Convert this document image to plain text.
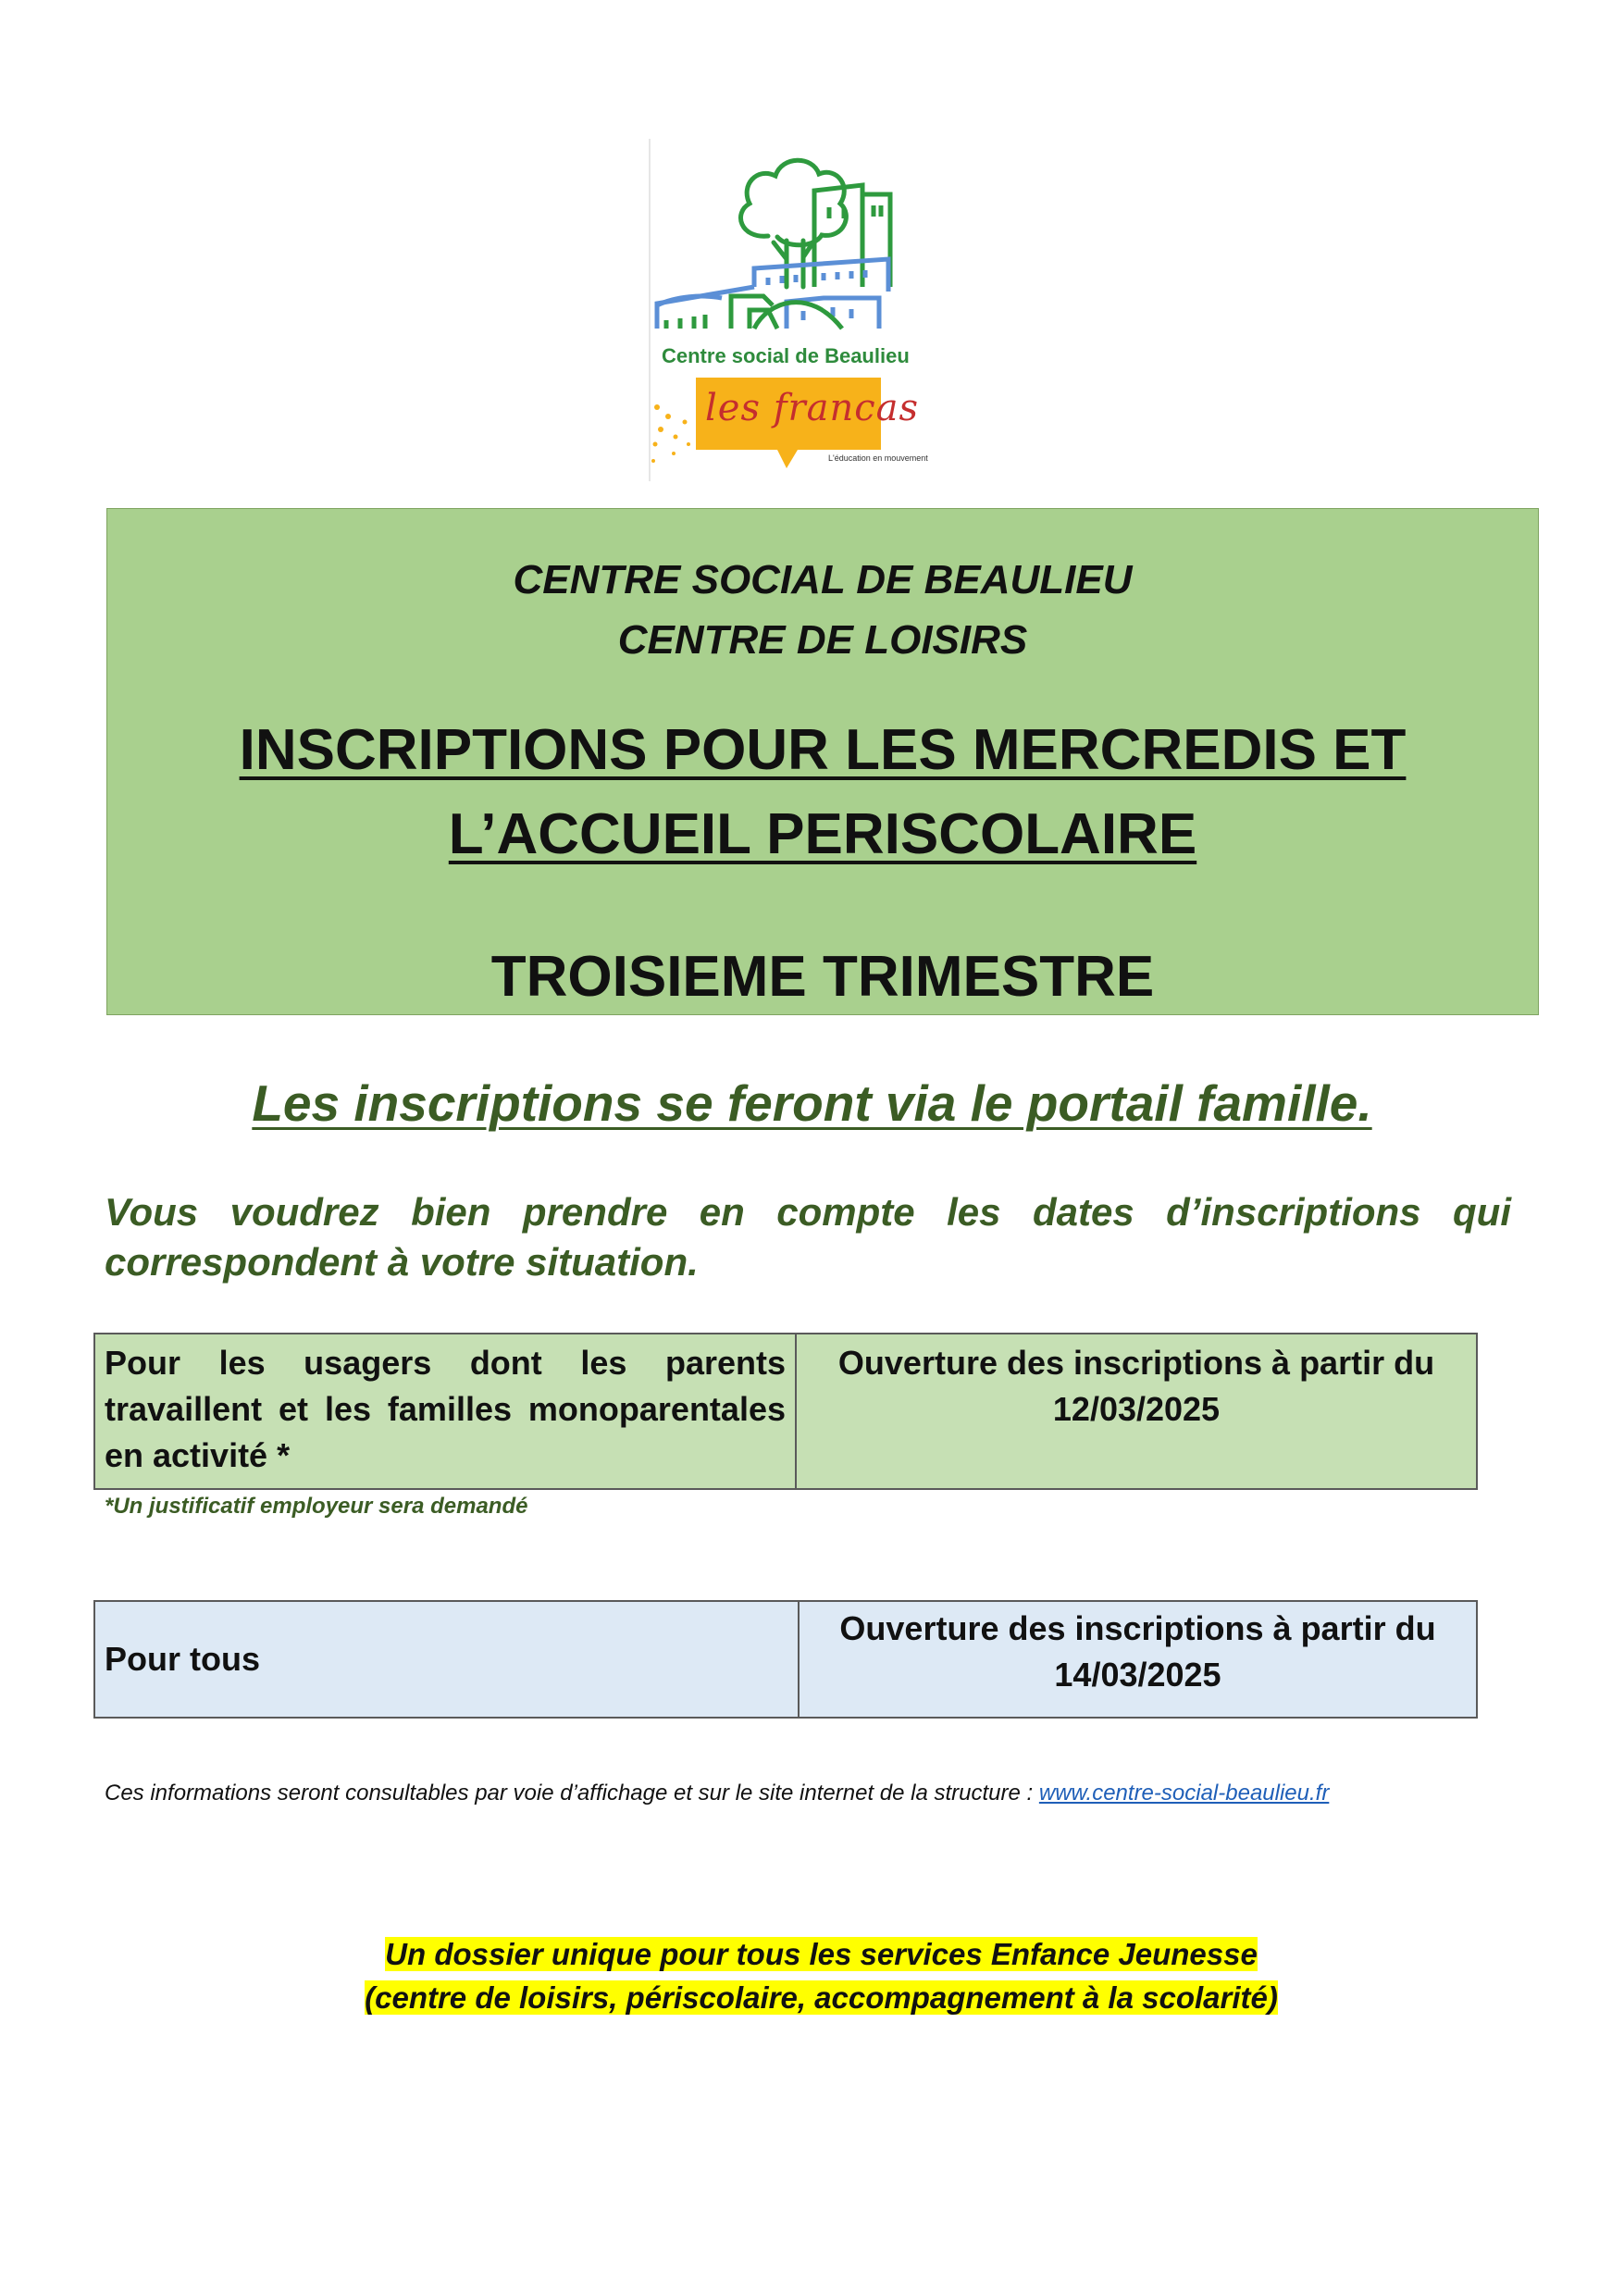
Centre social de Beaulieu
les francas
L'éducation en mouvement
CENTRE SOCIAL DE BEAULIEU
CENTRE DE LOISIRS
INSCRIPTIONS POUR LES MERCREDIS ET
L’ACCUEIL PERISCOLAIRE
TROISIEME TRIMESTRE
Les inscriptions se feront via le portail famille.
Vous voudrez bien prendre en compte les dates d’inscriptions qui correspondent à votre situation.
Pour les usagers dont les parents travaillent et les familles monoparentales en activité *
Ouverture des inscriptions à partir du
12/03/2025
*Un justificatif employeur sera demandé
Pour tous
Ouverture des inscriptions à partir du
14/03/2025
Ces informations seront consultables par voie d’affichage et sur le site internet de la structure : www.centre-social-beaulieu.fr
Un dossier unique pour tous les services Enfance Jeunesse
(centre de loisirs, périscolaire, accompagnement à la scolarité)
